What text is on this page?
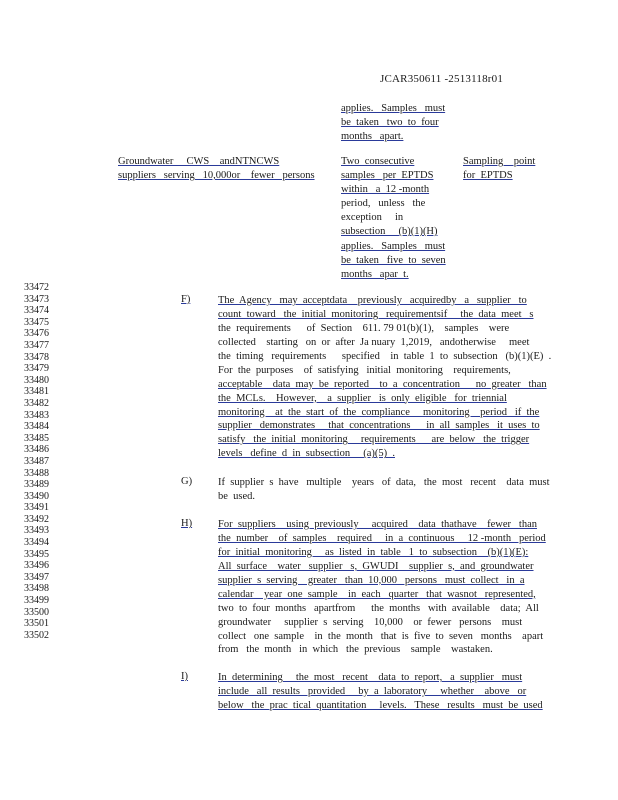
JCAR350611 -2513118r01
applies.   Samples   must
be  taken   two  to  four
months   apart.
Groundwater     CWS    andNTNCWS
suppliers   serving   10,000or    fewer   persons
Two  consecutive
samples   per  EPTDS
within   a  12 -month
period,   unless   the
exception     in
subsection     (b)(1)(H)
applies.   Samples   must
be  taken   five  to  seven
months   apar  t.
Sampling    point
for  EPTDS
33472
33473
33474
33475
33476
33477
33478
33479
33480
33481
33482
33483
33484
33485
33486
33487
33488
33489
33490
33491
33492
33493
33494
33495
33496
33497
33498
33499
33500
33501
33502
F)	The  Agency   may  acceptdata    previously   acquiredby   a   supplier   to
count  toward   the  initial  monitoring   requirementsif     the  data  meet   s
the  requirements      of  Section    611. 79 01(b)(1),    samples    were
collected    starting   on  or  after  Ja nuary  1,2019,   andotherwise     meet
the  timing   requirements      specified    in  table  1  to  subsection   (b)(1)(E)  .
For  the  purposes    of  satisfying   initial  monitoring    requirements,
acceptable    data  may  be  reported    to  a  concentration      no  greater   than
the  MCLs.    However,    a  supplier   is  only  eligible   for  triennial
monitoring    at  the  start  of  the  compliance     monitoring    period   if  the
supplier   demonstrates     that  concentrations      in  all  samples   it  uses  to
satisfy   the  initial  monitoring     requirements      are  below   the  trigger
levels   define  d  in  subsection     (a)(5)  .
G) If  supplier  s  have   multiple    years   of  data,   the  most   recent    data  must
be  used.
H) For  suppliers    using  previously     acquired    data  thathave    fewer   than
the  number    of  samples    required     in  a  continuous     12 -month   period
for  initial  monitoring     as  listed  in  table   1  to  subsection    (b)(1)(E):
All  surface    water   supplier   s,  GWUDI    supplier  s,  and  groundwater
supplier  s  serving    greater   than  10,000   persons   must  collect   in  a
calendar    year  one  sample    in  each   quarter   that  wasnot   represented,
two  to  four  months   apartfrom      the  months   with  available    data;  All
groundwater     supplier  s  serving    10,000    or  fewer   persons    must
collect   one  sample    in  the  month   that  is  five  to  seven   months    apart
from   the  month   in  which   the  previous    sample    wastaken.
I)	In  determining     the  most   recent    data  to  report,   a  supplier   must
include   all  results   provided     by  a  laboratory     whether    above   or
below   the  prac  tical  quantitation     levels.   These   results   must  be  used
